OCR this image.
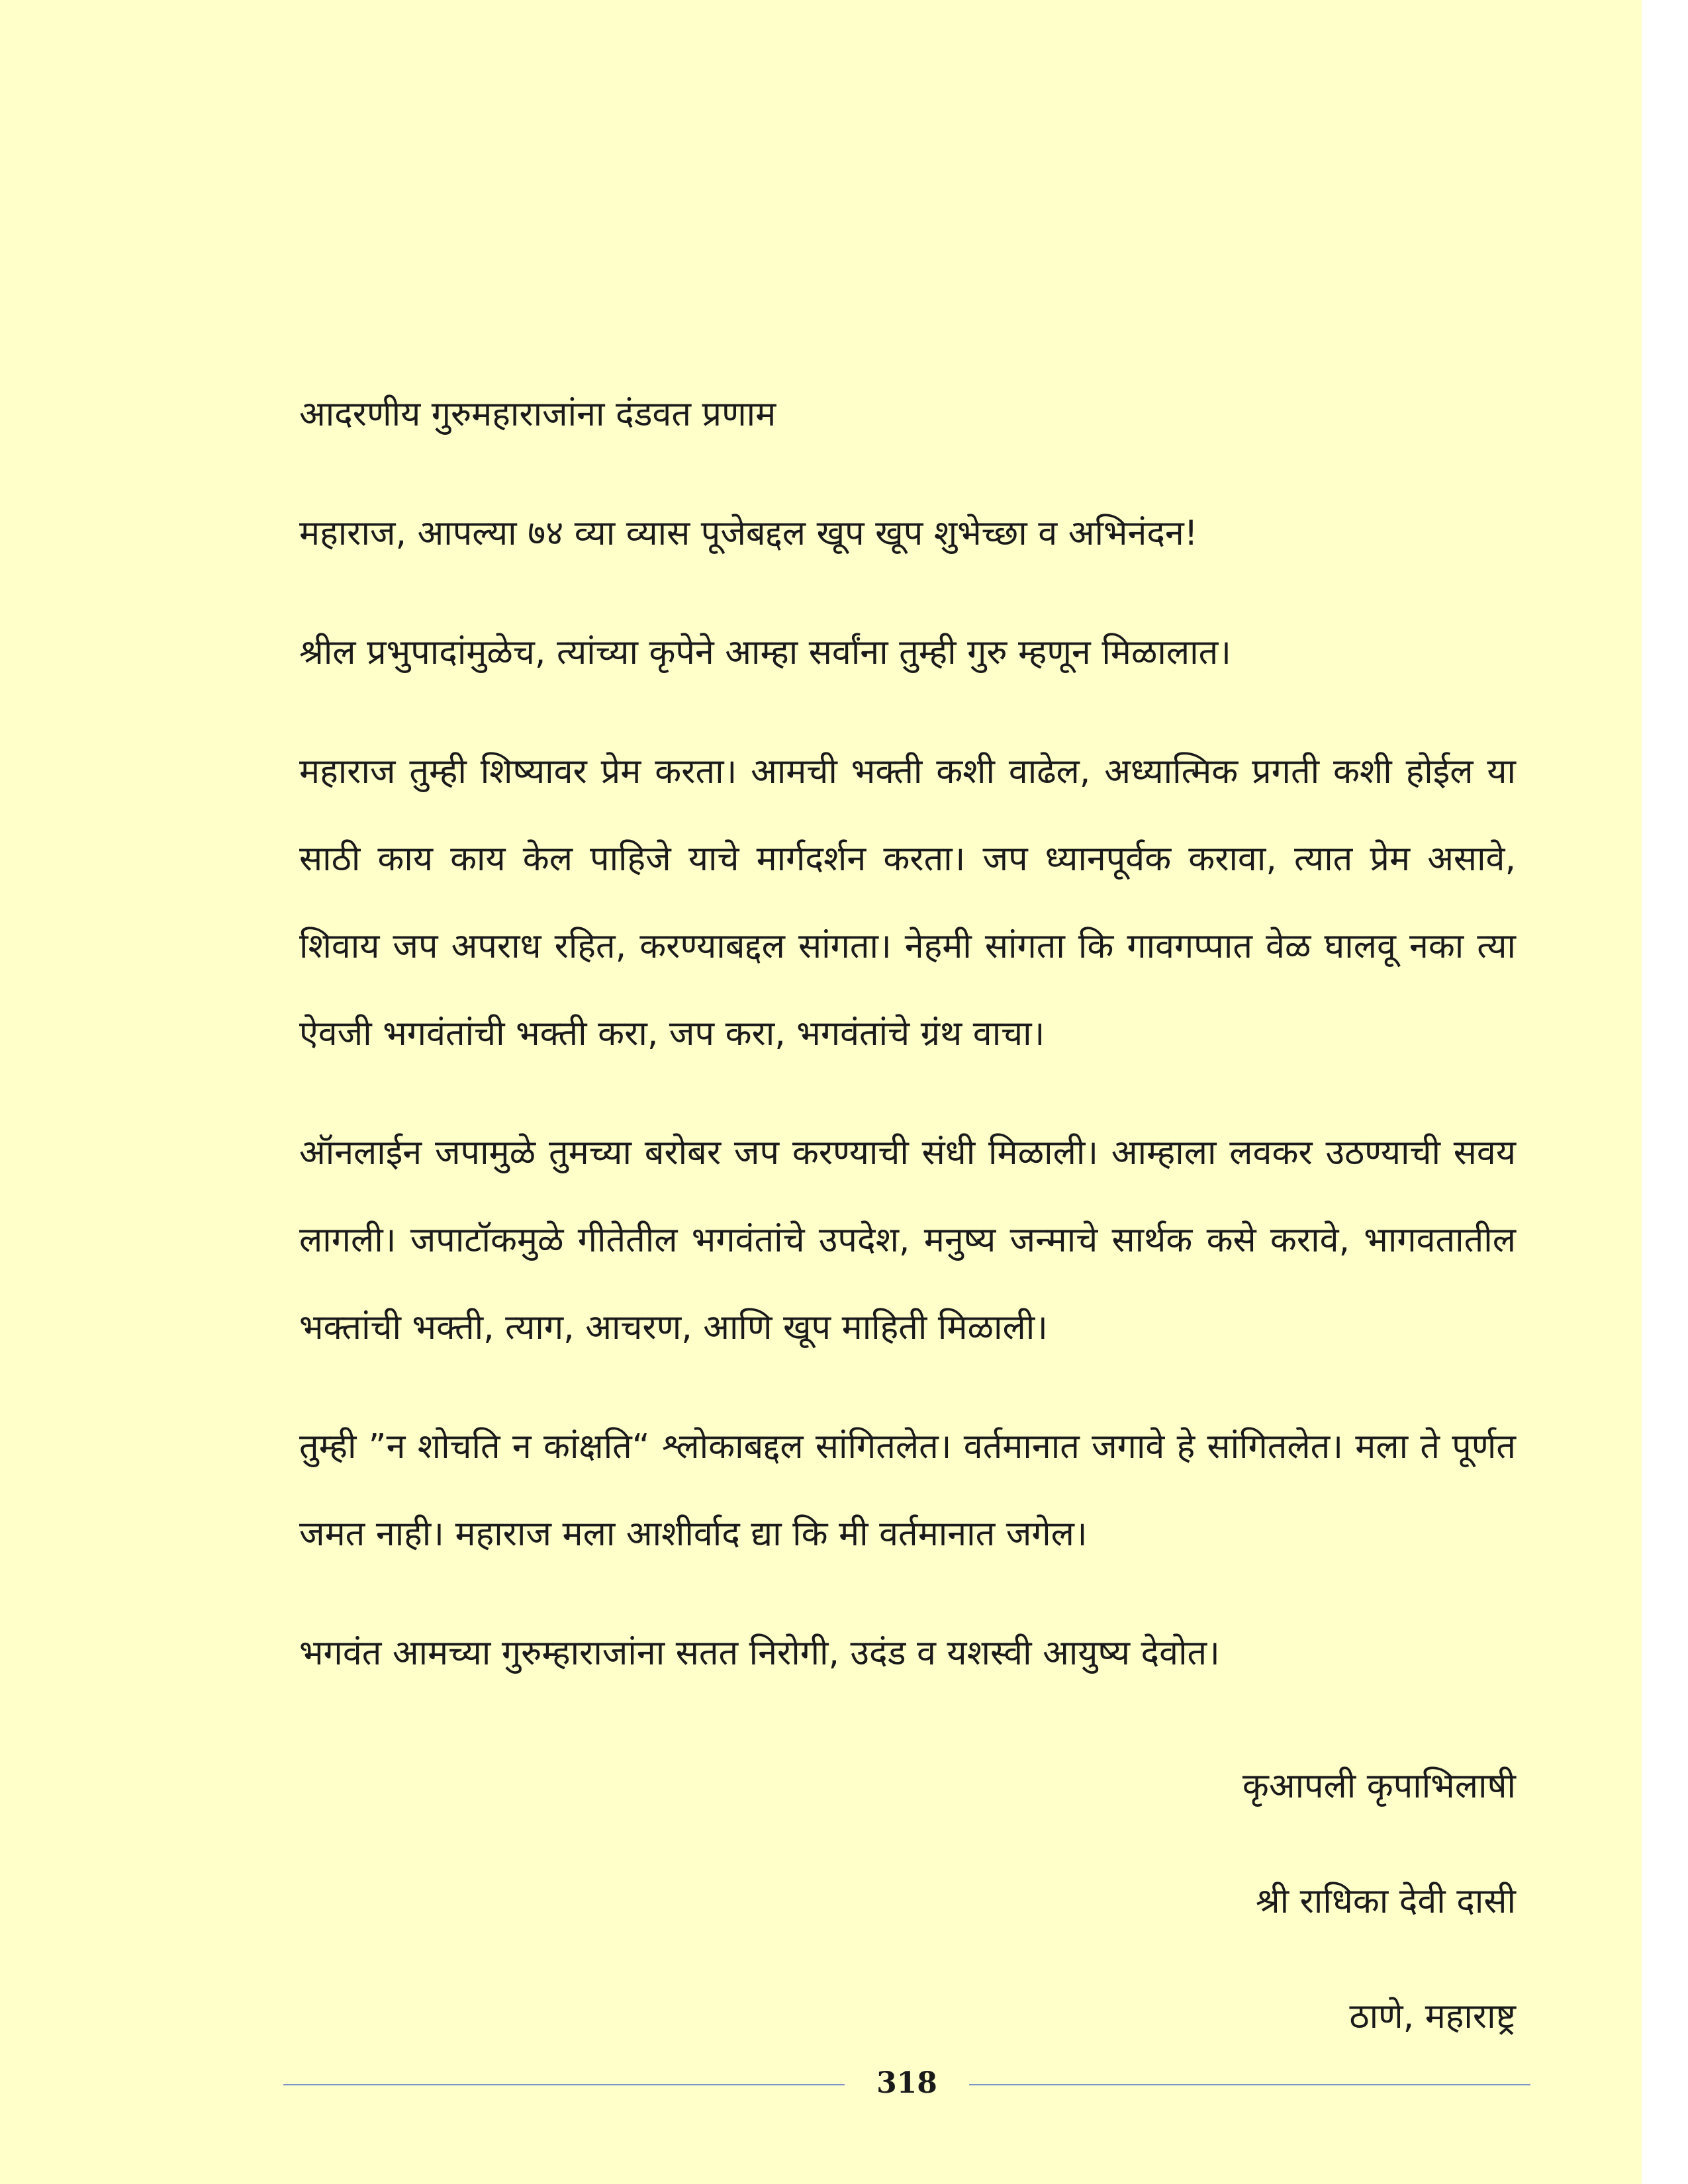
आदरणीय गुरुमहाराजांना दंडवत प्रणाम

महाराज, आपल्या ७४ व्या व्यास पूजेबद्दल खूप खूप शुभेच्छा व अभिनंदन!

श्रील प्रभुपादांमुळेच, त्यांच्या कृपेने आम्हा सर्वांना तुम्ही गुरु म्हणून मिळालात।

महाराज तुम्ही शिष्यावर प्रेम करता। आमची भक्ती कशी वाढेल, अध्यात्मिक प्रगती कशी होईल या साठी काय काय केल पाहिजे याचे मार्गदर्शन करता। जप ध्यानपूर्वक करावा, त्यात प्रेम असावे, शिवाय जप अपराध रहित, करण्याबद्दल सांगता। नेहमी सांगता कि गावगप्पात वेळ घालवू नका त्या ऐवजी भगवंतांची भक्ती करा, जप करा, भगवंतांचे ग्रंथ वाचा।

ऑनलाईन जपामुळे तुमच्या बरोबर जप करण्याची संधी मिळाली। आम्हाला लवकर उठण्याची सवय लागली। जपाटॉकमुळे गीतेतील भगवंतांचे उपदेश, मनुष्य जन्माचे सार्थक कसे करावे, भागवतातील भक्तांची भक्ती, त्याग, आचरण, आणि खूप माहिती मिळाली।

तुम्ही ”न शोचति न कांक्षति“ श्लोकाबद्दल सांगितलेत। वर्तमानात जगावे हे सांगितलेत। मला ते पूर्णत जमत नाही। महाराज मला आशीर्वाद द्या कि मी वर्तमानात जगेल।

भगवंत आमच्या गुरुम्हाराजांना सतत निरोगी, उदंड व यशस्वी आयुष्य देवोत।

कृआपली कृपाभिलाषी

श्री राधिका देवी दासी

ठाणे, महाराष्ट्र

318
